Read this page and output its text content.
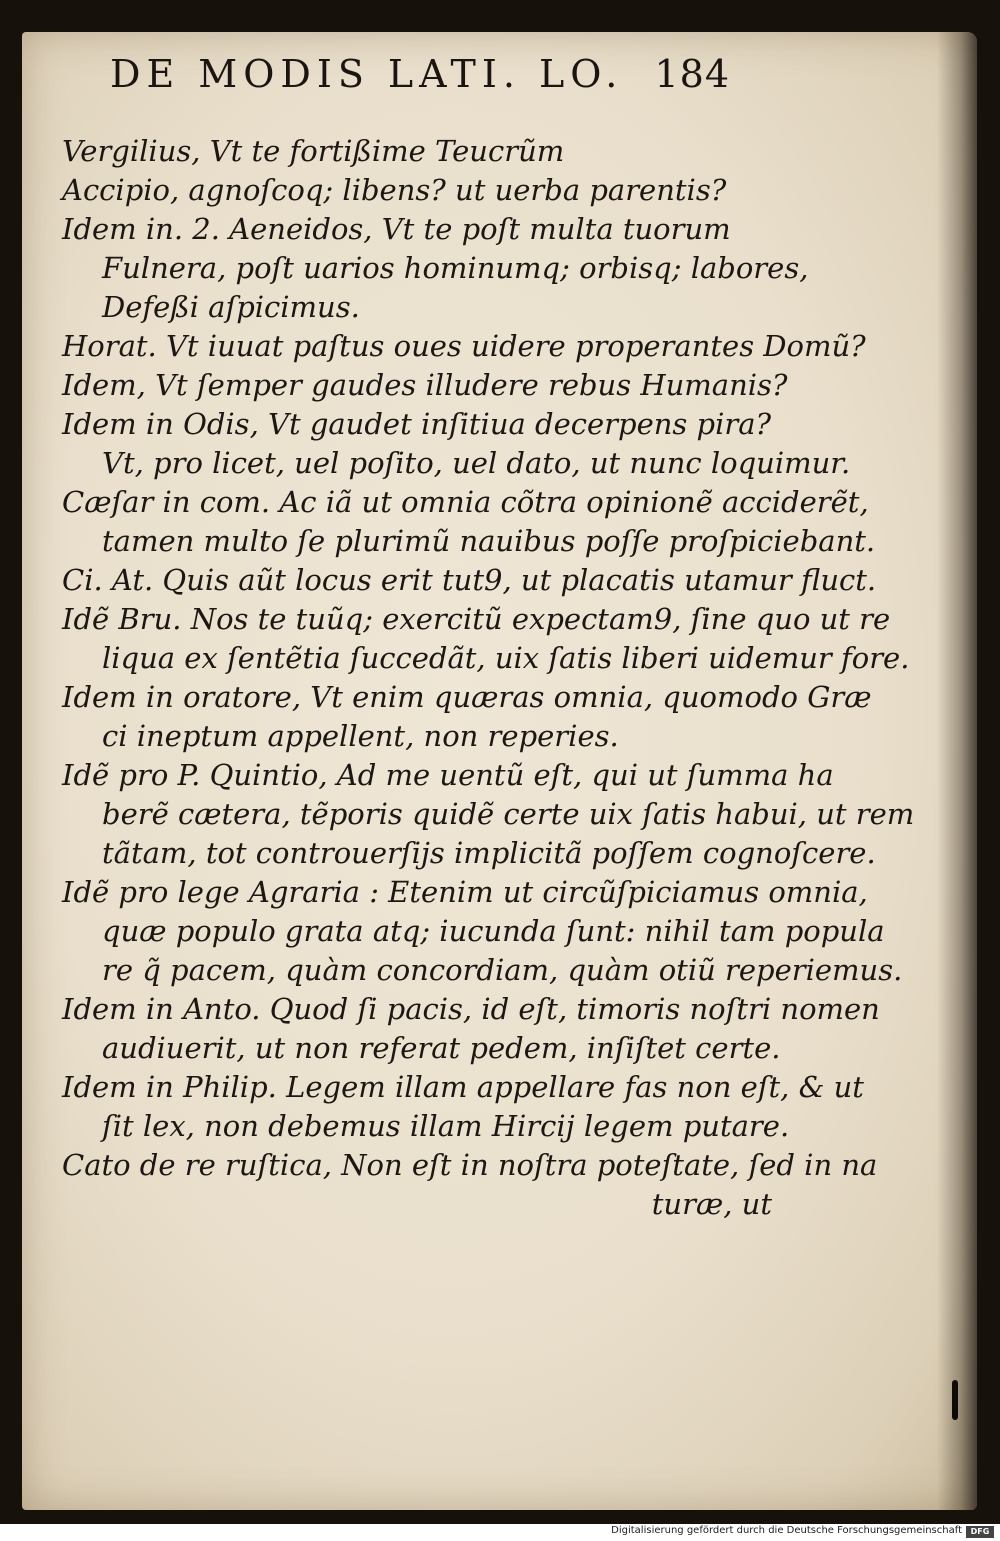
DE MODIS LATI. LO. 184
Vergilius, Vt te fortißime Teucrũm
Accipio, agnoſcoq; libens? ut uerba parentis?
Idem in. 2. Aeneidos, Vt te poſt multa tuorum
Fulnera, poſt uarios hominumq; orbisq; labores,
Defeßi aſpicimus.
Horat. Vt iuuat paſtus oues uidere properantes Domũ?
Idem, Vt ſemper gaudes illudere rebus Humanis?
Idem in Odis, Vt gaudet inſitiua decerpens pira?
Vt, pro licet, uel poſito, uel dato, ut nunc loquimur.
Cæſar in com. Ac iã ut omnia cõtra opinionẽ acciderẽt,
tamen multo ſe plurimũ nauibus poſſe proſpiciebant.
Ci. At. Quis aũt locus erit tut9, ut placatis utamur fluct.
Idẽ Bru. Nos te tuũq; exercitũ expectam9, ſine quo ut re
liqua ex ſentẽtia ſuccedãt, uix ſatis liberi uidemur fore.
Idem in oratore, Vt enim quæras omnia, quomodo Græ
ci ineptum appellent, non reperies.
Idẽ pro P. Quintio, Ad me uentũ eſt, qui ut ſumma ha
berẽ cætera, tẽporis quidẽ certe uix ſatis habui, ut rem
tãtam, tot controuerſijs implicitã poſſem cognoſcere.
Idẽ pro lege Agraria : Etenim ut circũſpiciamus omnia,
quæ populo grata atq; iucunda ſunt: nihil tam popula
re q̃ pacem, quàm concordiam, quàm otiũ reperiemus.
Idem in Anto. Quod ſi pacis, id eſt, timoris noſtri nomen
audiuerit, ut non referat pedem, inſiſtet certe.
Idem in Philip. Legem illam appellare fas non eſt, & ut
ſit lex, non debemus illam Hircij legem putare.
Cato de re ruſtica, Non eſt in noſtra poteſtate, ſed in na
turæ, ut
Digitalisierung gefördert durch die Deutsche Forschungsgemeinschaft	DFG
